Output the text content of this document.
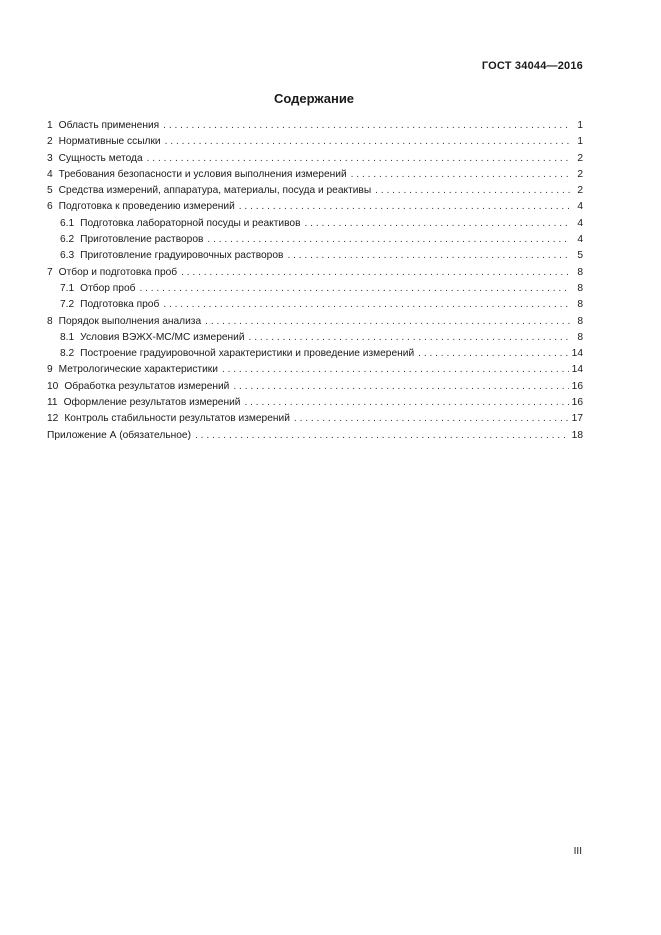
ГОСТ 34044—2016
Содержание
1 Область применения . . .	1
2 Нормативные ссылки . . .	1
3 Сущность метода . . .	2
4 Требования безопасности и условия выполнения измерений . . .	2
5 Средства измерений, аппаратура, материалы, посуда и реактивы . . .	2
6 Подготовка к проведению измерений . . .	4
6.1 Подготовка лабораторной посуды и реактивов . . .	4
6.2 Приготовление растворов . . .	4
6.3 Приготовление градуировочных растворов . . .	5
7 Отбор и подготовка проб . . .	8
7.1 Отбор проб . . .	8
7.2 Подготовка проб . . .	8
8 Порядок выполнения анализа . . .	8
8.1 Условия ВЭЖХ-МС/МС измерений . . .	8
8.2 Построение градуировочной характеристики и проведение измерений . . .	14
9 Метрологические характеристики . . .	14
10 Обработка результатов измерений . . .	16
11 Оформление результатов измерений . . .	16
12 Контроль стабильности результатов измерений . . .	17
Приложение А (обязательное) . . .	18
III
